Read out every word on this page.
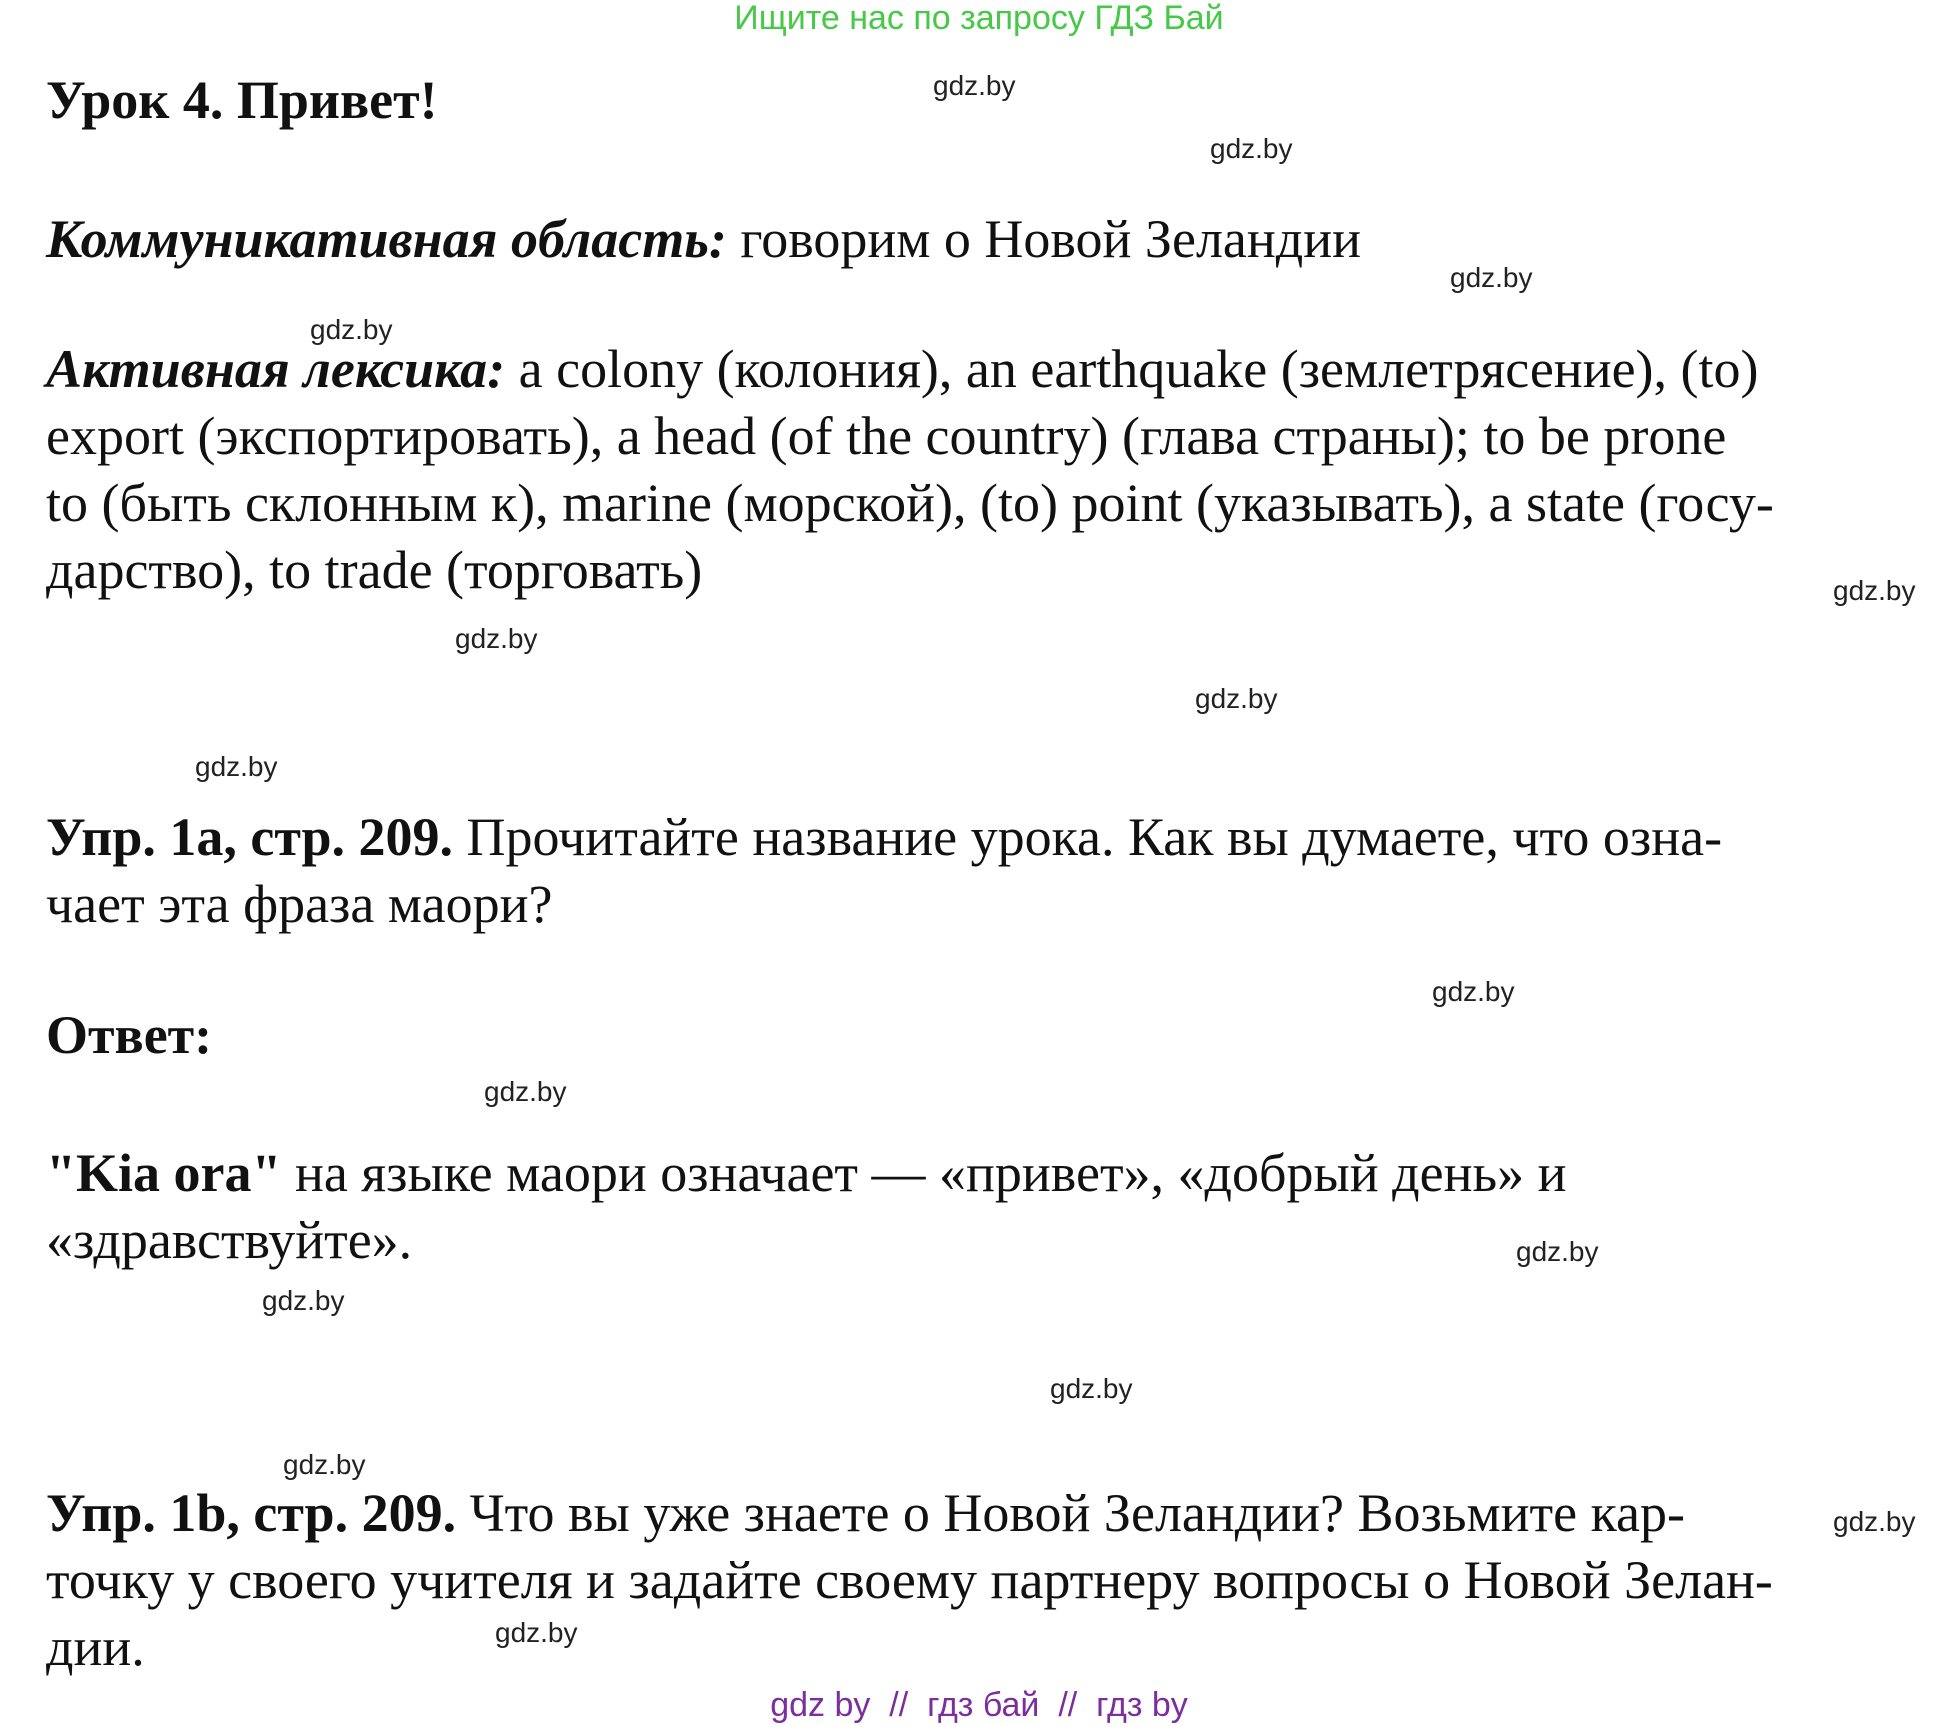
Ищите нас по запросу ГДЗ Бай
Урок 4. Привет!
Коммуникативная область: говорим о Новой Зеландии
Активная лексика: a colony (колония), an earthquake (землетрясение), (to)
export (экспортировать), a head (of the country) (глава страны); to be prone
to (быть склонным к), marine (морской), (to) point (указывать), a state (госу-
дарство), to trade (торговать)
Упр. 1a, стр. 209. Прочитайте название урока. Как вы думаете, что озна-
чает эта фраза маори?
Ответ:
"Kia ora" на языке маори означает — «привет», «добрый день» и
«здравствуйте».
Упр. 1b, стр. 209. Что вы уже знаете о Новой Зеландии? Возьмите кар-
точку у своего учителя и задайте своему партнеру вопросы о Новой Зелан-
дии.
gdz.by
gdz.by
gdz.by
gdz.by
gdz.by
gdz.by
gdz.by
gdz.by
gdz.by
gdz.by
gdz.by
gdz.by
gdz.by
gdz.by
gdz.by
gdz.by
gdz by  //  гдз бай  //  гдз by
